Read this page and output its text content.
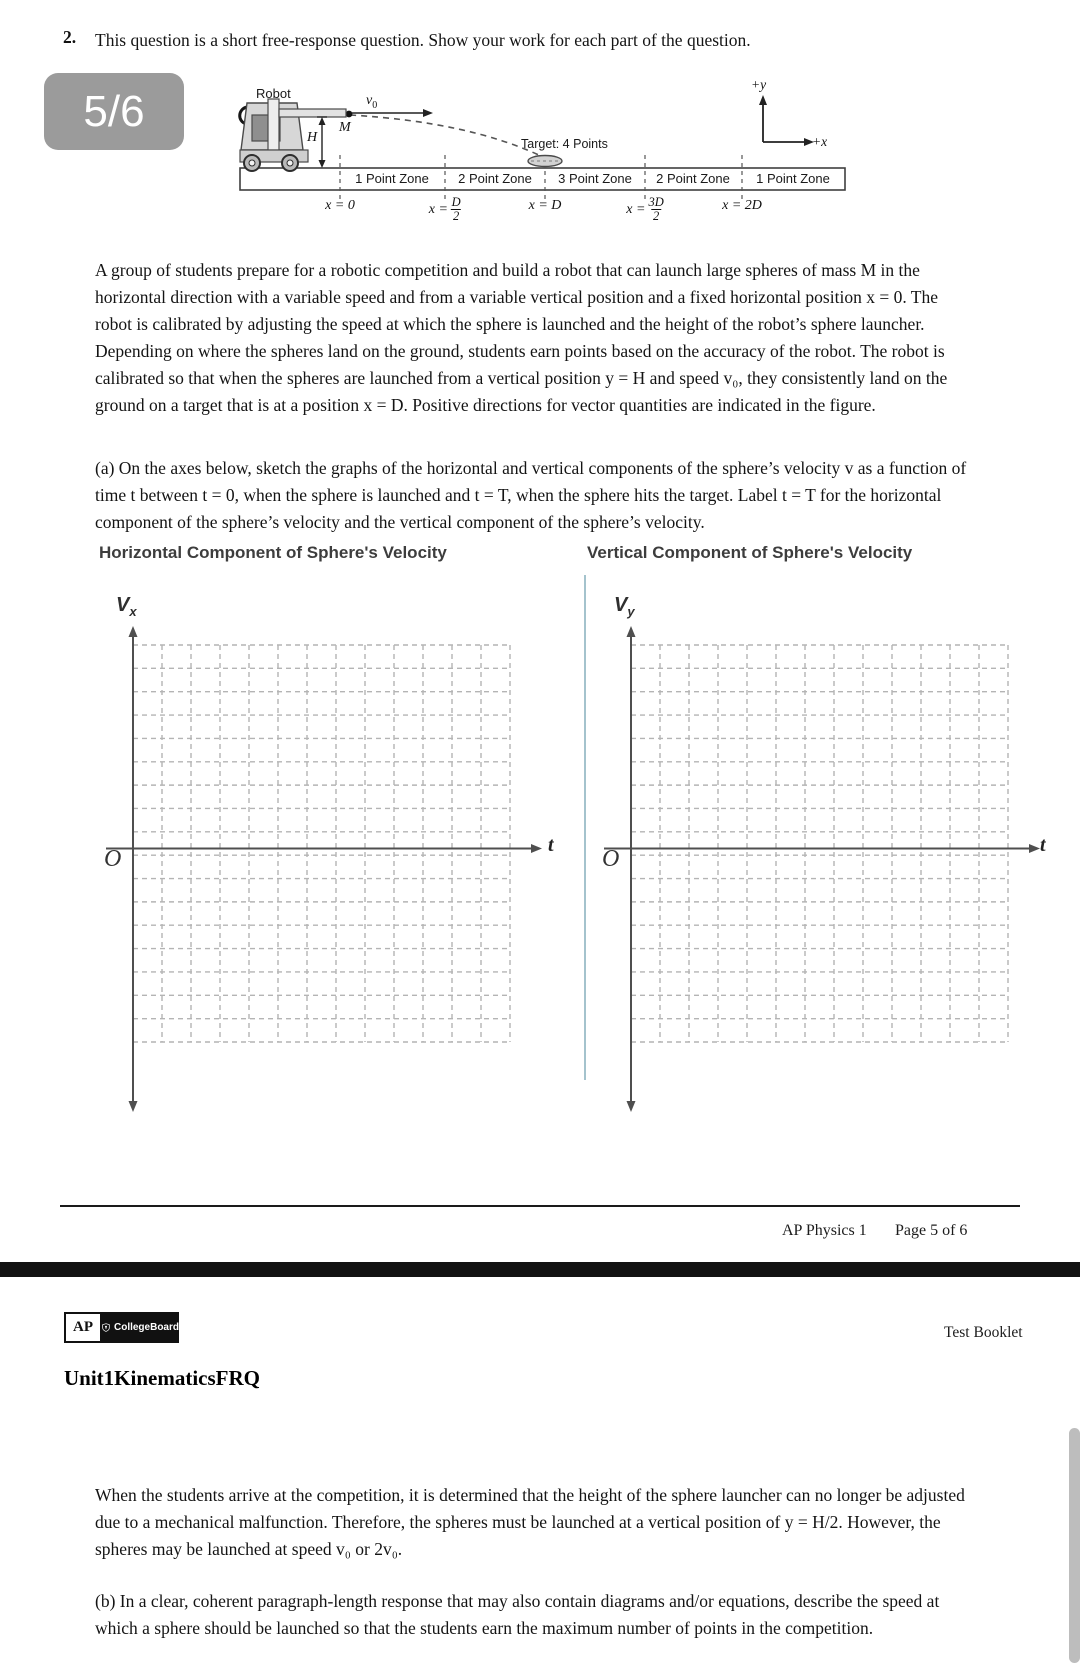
2. This question is a short free-response question. Show your work for each part of the question.
5/6	Robot	$v_0$
M
H	Target: 4 Points
1 Point Zone	2 Point Zone	3 Point Zone	2 Point Zone	1 Point Zone
x = 0	$x = \frac{D}{2}$	x = D	$x = \frac{3D}{2}$	x = 2D
+y
+x
A group of students prepare for a robotic competition and build a robot that can launch large spheres of mass M in the horizontal direction with a variable speed and from a variable vertical position and a fixed horizontal position x = 0. The robot is calibrated by adjusting the speed at which the sphere is launched and the height of the robot’s sphere launcher. Depending on where the spheres land on the ground, students earn points based on the accuracy of the robot. The robot is calibrated so that when the spheres are launched from a vertical position y = H and speed v₀, they consistently land on the ground on a target that is at a position x = D. Positive directions for vector quantities are indicated in the figure.
(a) On the axes below, sketch the graphs of the horizontal and vertical components of the sphere’s velocity v as a function of time t between t = 0, when the sphere is launched and t = T, when the sphere hits the target. Label t = T for the horizontal component of the sphere’s velocity and the vertical component of the sphere’s velocity.
Horizontal Component of Sphere's Velocity	Vertical Component of Sphere's Velocity
$V_x$
O
t
$V_y$
O
t
AP Physics 1 Page 5 of 6
AP	CollegeBoard	Test Booklet
Unit1KinematicsFRQ
When the students arrive at the competition, it is determined that the height of the sphere launcher can no longer be adjusted due to a mechanical malfunction. Therefore, the spheres must be launched at a vertical position of y = H/2. However, the spheres may be launched at speed v₀ or 2v₀.
(b) In a clear, coherent paragraph-length response that may also contain diagrams and/or equations, describe the speed at which a sphere should be launched so that the students earn the maximum number of points in the competition.
